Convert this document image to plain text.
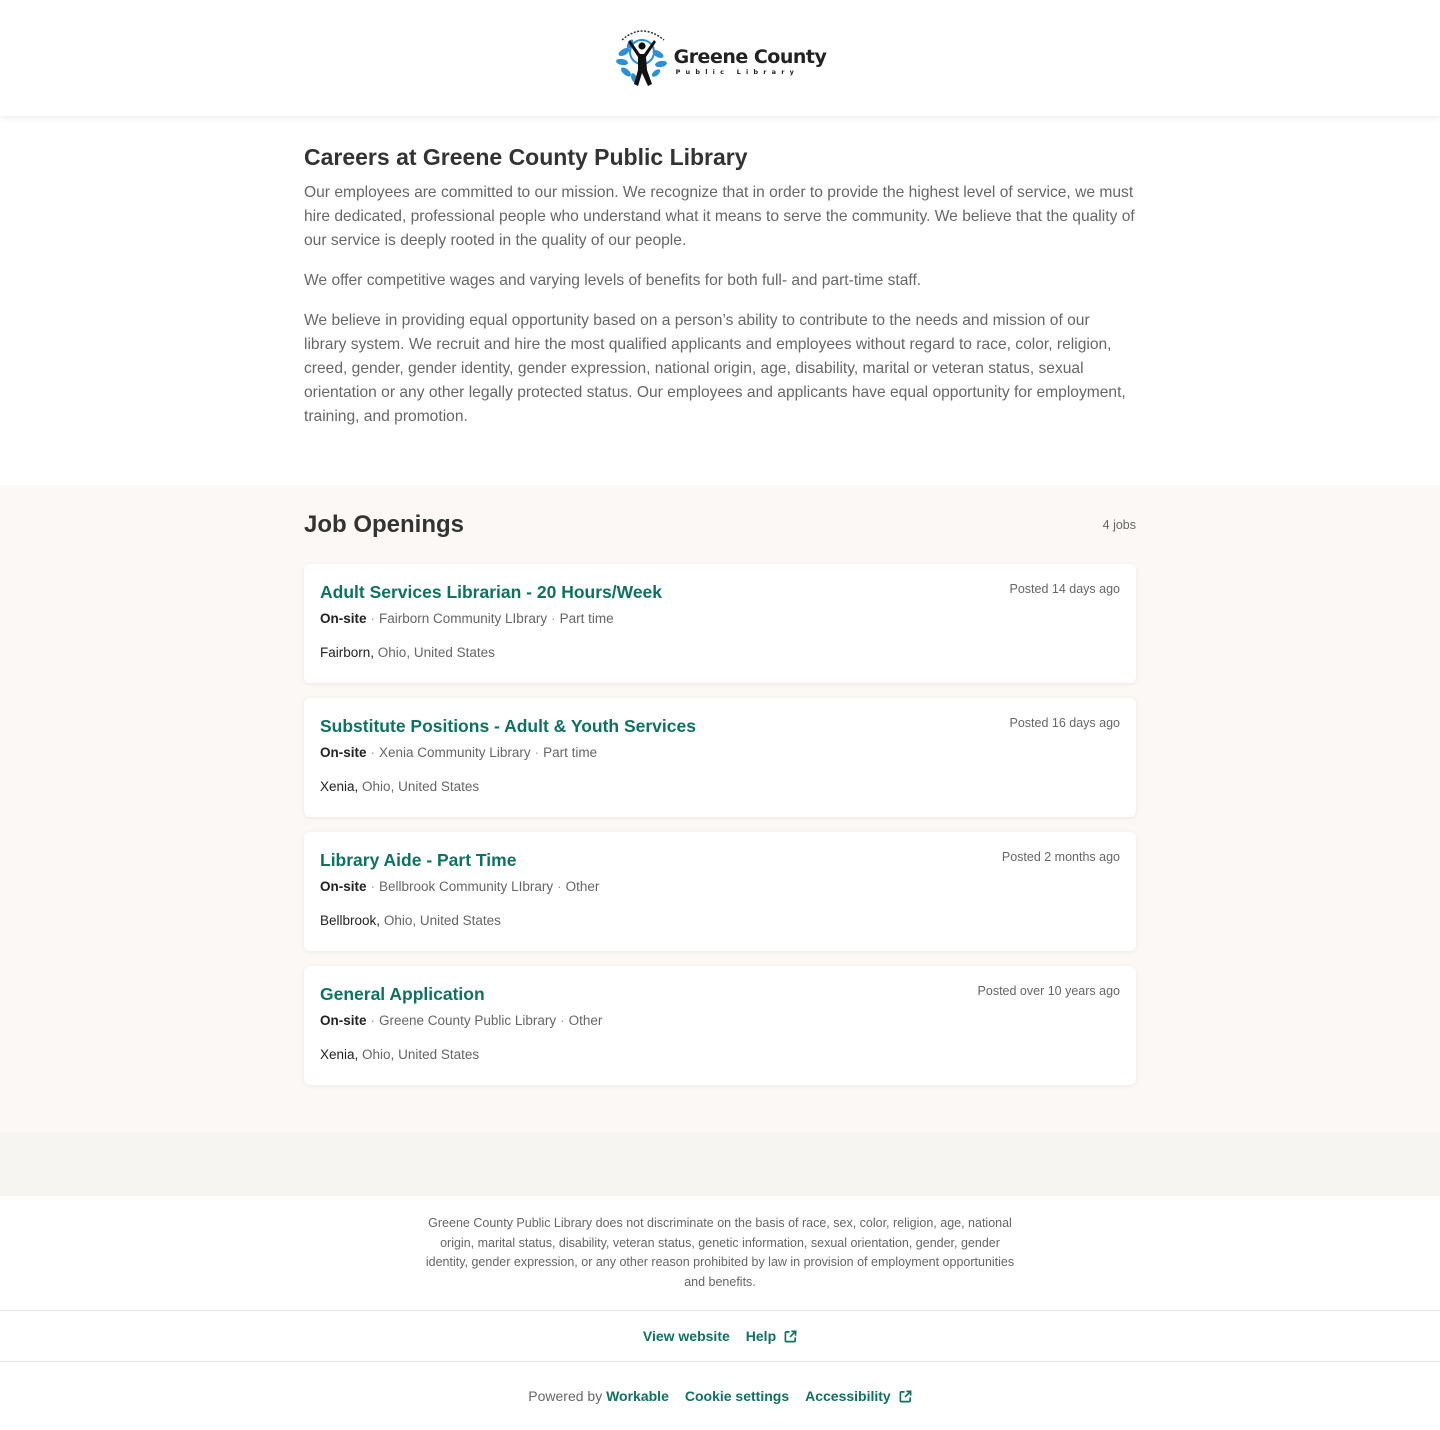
Greene County
Public Library
Careers at Greene County Public Library

Our employees are committed to our mission. We recognize that in order to provide the highest level of service, we must hire dedicated, professional people who understand what it means to serve the community. We believe that the quality of our service is deeply rooted in the quality of our people.

We offer competitive wages and varying levels of benefits for both full- and part-time staff.

We believe in providing equal opportunity based on a person’s ability to contribute to the needs and mission of our library system. We recruit and hire the most qualified applicants and employees without regard to race, color, religion, creed, gender, gender identity, gender expression, national origin, age, disability, marital or veteran status, sexual orientation or any other legally protected status. Our employees and applicants have equal opportunity for employment, training, and promotion.

Job Openings	4 jobs
Adult Services Librarian - 20 Hours/Week	Posted 14 days ago
On-site · Fairborn Community LIbrary · Part time
Fairborn, Ohio, United States
Substitute Positions - Adult & Youth Services	Posted 16 days ago
On-site · Xenia Community Library · Part time
Xenia, Ohio, United States
Library Aide - Part Time	Posted 2 months ago
On-site · Bellbrook Community LIbrary · Other
Bellbrook, Ohio, United States
General Application	Posted over 10 years ago
On-site · Greene County Public Library · Other
Xenia, Ohio, United States

Greene County Public Library does not discriminate on the basis of race, sex, color, religion, age, national origin, marital status, disability, veteran status, genetic information, sexual orientation, gender, gender identity, gender expression, or any other reason prohibited by law in provision of employment opportunities and benefits.

View website Help
Powered by Workable Cookie settings Accessibility
